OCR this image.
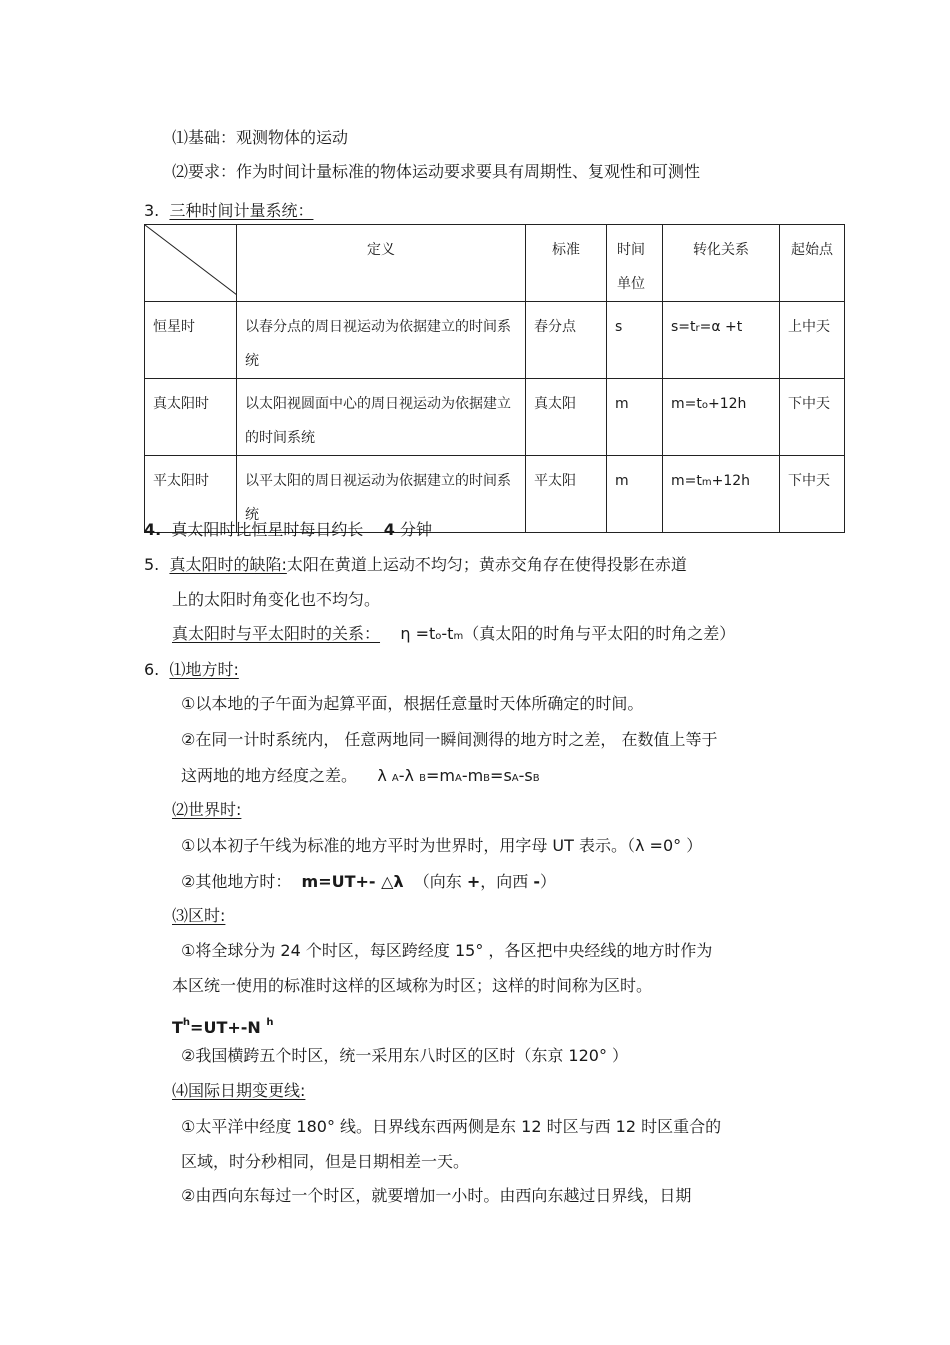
⑴基础：观测物体的运动
⑵要求：作为时间计量标准的物体运动要求要具有周期性、复观性和可测性
3. 三种时间计量系统：
	定义	标准	时间单位	转化关系	起始点
恒星时	以春分点的周日视运动为依据建立的时间系统	春分点	s	s=tr=α +t	上中天
真太阳时	以太阳视圆面中心的周日视运动为依据建立的时间系统	真太阳	m	m=to+12h	下中天
平太阳时	以平太阳的周日视运动为依据建立的时间系统	平太阳	m	m=tm+12h	下中天
4. 真太阳时比恒星时每日约长 4 分钟
5. 真太阳时的缺陷:太阳在黄道上运动不均匀；黄赤交角存在使得投影在赤道
上的太阳时角变化也不均匀。
真太阳时与平太阳时的关系： η =to-tm（真太阳的时角与平太阳的时角之差）
6. ⑴地方时:
①以本地的子午面为起算平面，根据任意量时天体所确定的时间。
②在同一计时系统内， 任意两地同一瞬间测得的地方时之差， 在数值上等于
这两地的地方经度之差。 λ A-λ B=mA-mB=sA-sB
⑵世界时:
①以本初子午线为标准的地方平时为世界时，用字母 UT 表示。（λ =0° ）
②其他地方时： m=UT+- △λ （向东 +，向西 -）
⑶区时:
①将全球分为 24 个时区，每区跨经度 15° ，各区把中央经线的地方时作为
本区统一使用的标准时这样的区域称为时区；这样的时间称为区时。
$T^h=UT+-N$ $^h$
②我国横跨五个时区，统一采用东八时区的区时（东京 120° ）
⑷国际日期变更线:
①太平洋中经度 180° 线。日界线东西两侧是东 12 时区与西 12 时区重合的
区域，时分秒相同，但是日期相差一天。
②由西向东每过一个时区，就要增加一小时。由西向东越过日界线，日期
